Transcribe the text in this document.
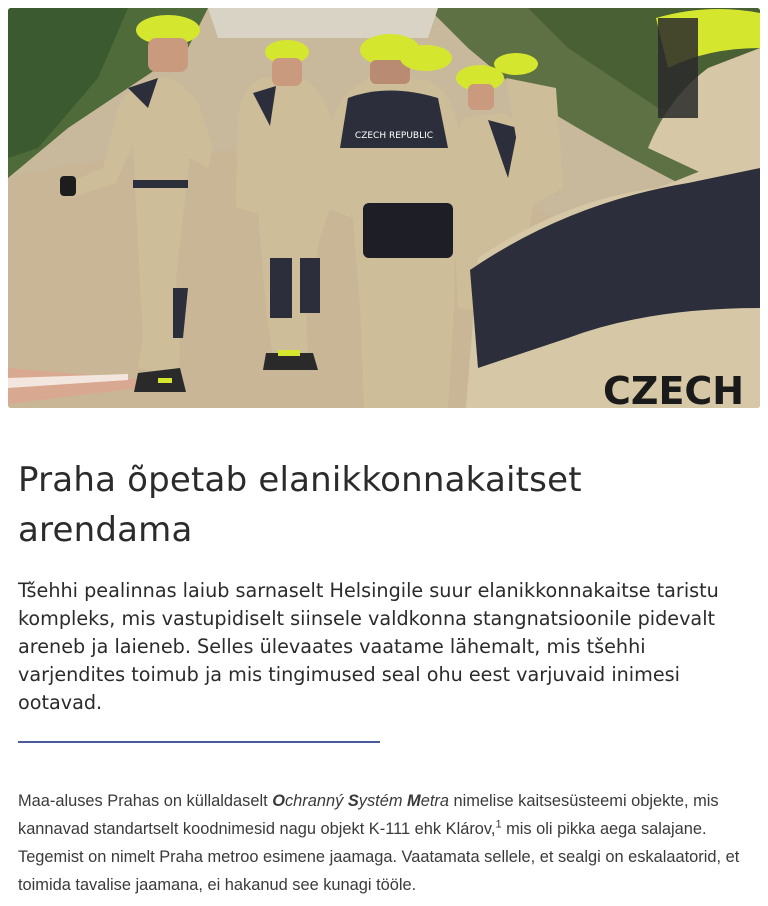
CZECH REPUBLIC
CZECH
Praha õpetab elanikkonnakaitset arendama

Tšehhi pealinnas laiub sarnaselt Helsingile suur elanikkonnakaitse taristu kompleks, mis vastupidiselt siinsele valdkonna stangnatsioonile pidevalt areneb ja laieneb. Selles ülevaates vaatame lähemalt, mis tšehhi varjendites toimub ja mis tingimused seal ohu eest varjuvaid inimesi ootavad.

Maa-aluses Prahas on küllaldaselt Ochranný Systém Metra nimelise kaitsesüsteemi objekte, mis kannavad standartselt koodnimesid nagu objekt K-111 ehk Klárov,$^1$ mis oli pikka aega salajane. Tegemist on nimelt Praha metroo esimene jaamaga. Vaatamata sellele, et sealgi on eskalaatorid, et toimida tavalise jaamana, ei hakanud see kunagi tööle.
